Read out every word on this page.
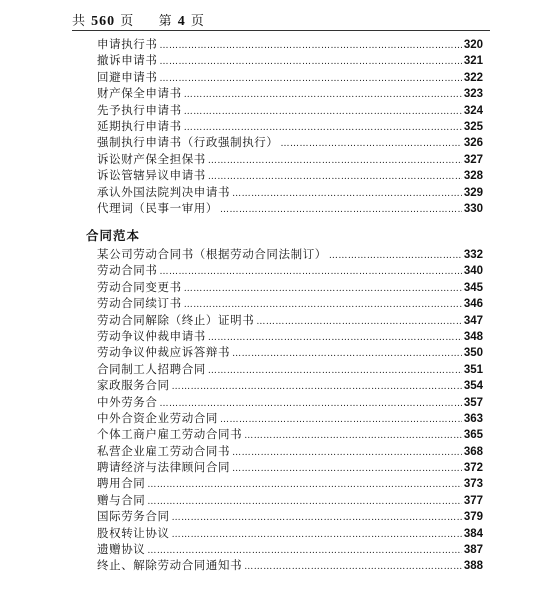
共 560 页 第 4 页
申请执行书 ……………………………………………………………………………………………………………………………………………………	320
撤诉申请书 ……………………………………………………………………………………………………………………………………………………	321
回避申请书 ……………………………………………………………………………………………………………………………………………………	322
财产保全申请书 ……………………………………………………………………………………………………………………………………………………	323
先予执行申请书 ……………………………………………………………………………………………………………………………………………………	324
延期执行申请书 ……………………………………………………………………………………………………………………………………………………	325
强制执行申请书（行政强制执行） ……………………………………………………………………………………………………………………………………………………	326
诉讼财产保全担保书 ……………………………………………………………………………………………………………………………………………………	327
诉讼管辖异议申请书 ……………………………………………………………………………………………………………………………………………………	328
承认外国法院判决申请书 ……………………………………………………………………………………………………………………………………………………	329
代理词（民事一审用） ……………………………………………………………………………………………………………………………………………………	330
合同范本
某公司劳动合同书（根据劳动合同法制订） ……………………………………………………………………………………………………………………………………………………	332
劳动合同书 ……………………………………………………………………………………………………………………………………………………	340
劳动合同变更书 ……………………………………………………………………………………………………………………………………………………	345
劳动合同续订书 ……………………………………………………………………………………………………………………………………………………	346
劳动合同解除（终止）证明书 ……………………………………………………………………………………………………………………………………………………	347
劳动争议仲裁申请书 ……………………………………………………………………………………………………………………………………………………	348
劳动争议仲裁应诉答辩书 ……………………………………………………………………………………………………………………………………………………	350
合同制工人招聘合同 ……………………………………………………………………………………………………………………………………………………	351
家政服务合同 ……………………………………………………………………………………………………………………………………………………	354
中外劳务合 ……………………………………………………………………………………………………………………………………………………	357
中外合资企业劳动合同 ……………………………………………………………………………………………………………………………………………………	363
个体工商户雇工劳动合同书 ……………………………………………………………………………………………………………………………………………………	365
私营企业雇工劳动合同书 ……………………………………………………………………………………………………………………………………………………	368
聘请经济与法律顾问合同 ……………………………………………………………………………………………………………………………………………………	372
聘用合同 ……………………………………………………………………………………………………………………………………………………	373
赠与合同 ……………………………………………………………………………………………………………………………………………………	377
国际劳务合同 ……………………………………………………………………………………………………………………………………………………	379
股权转让协议 ……………………………………………………………………………………………………………………………………………………	384
遗赠协议 ……………………………………………………………………………………………………………………………………………………	387
终止、解除劳动合同通知书 ……………………………………………………………………………………………………………………………………………………	388
